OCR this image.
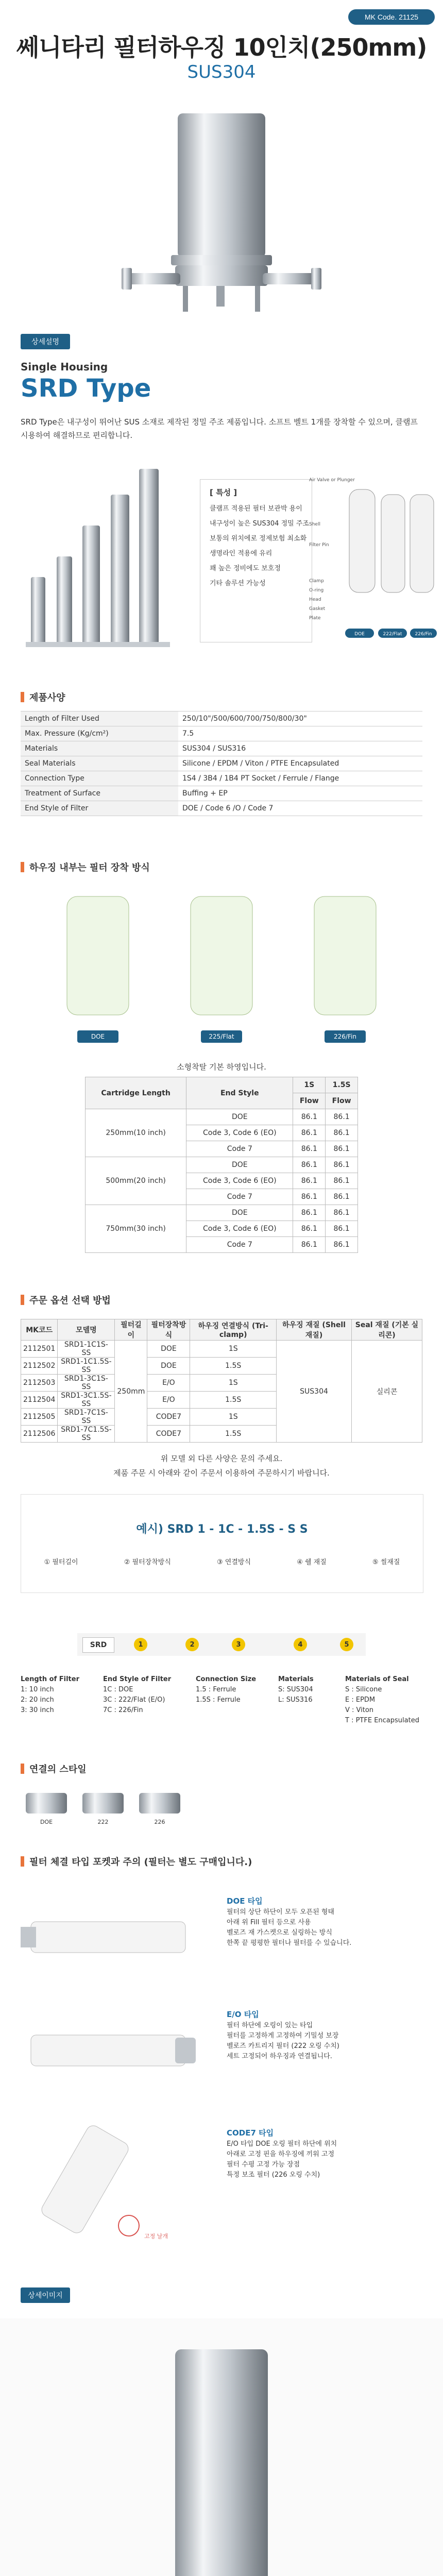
MK Code. 21125
쎄니타리 필터하우징 10인치(250mm)
SUS304
상세설명
Single Housing
SRD Type
SRD Type은 내구성이 뛰어난 SUS 소재로 제작된 정밀 주조 제품입니다. 소프트 벨트 1개를 장착할 수 있으며, 클램프 시용하여 해결하므로 편리합니다.
[ 특성 ]
클램프 적용된 필터 보관박 용이
내구성이 높은 SUS304 정밀 주조
보통의 위치에로 정제보험 최소화
생명라인 적용에 유리
꽤 높은 정비에도 보호정
기타 솔루션 가능성
Air Valve or Plunger
Shell
Filter Pin
Clamp
O-ring
Head
Gasket
Plate
DOE	222/Flat	226/Fin
제품사양
Length of Filter Used	250/10"/500/600/700/750/800/30"
Max. Pressure (Kg/cm²)	7.5
Materials	SUS304 / SUS316
Seal Materials	Silicone / EPDM / Viton / PTFE Encapsulated
Connection Type	1S4 / 3B4 / 1B4 PT Socket / Ferrule / Flange
Treatment of Surface	Buffing + EP
End Style of Filter	DOE / Code 6 /O / Code 7
하우징 내부는 필터 장착 방식
DOE	225/Flat	226/Fin
소형착탈 기본 하영입니다.
Cartridge Length	End Style	1S	1.5S
		Flow	Flow
250mm(10 inch)	DOE	86.1	86.1
	Code 3, Code 6 (EO)	86.1	86.1
	Code 7	86.1	86.1
500mm(20 inch)	DOE	86.1	86.1
	Code 3, Code 6 (EO)	86.1	86.1
	Code 7	86.1	86.1
750mm(30 inch)	DOE	86.1	86.1
	Code 3, Code 6 (EO)	86.1	86.1
	Code 7	86.1	86.1
주문 옵션 선택 방법
MK코드	모델명	필터길이	필터장착방식	하우징 연결방식 (Tri-clamp)	하우징 재질 (Shell 재질)	Seal 재질 (기본 실리콘)
2112501	SRD1-1C1S-SS	250mm	DOE	1S	SUS304	실리콘
2112502	SRD1-1C1.5S-SS		DOE	1.5S		
2112503	SRD1-3C1S-SS		E/O	1S		
2112504	SRD1-3C1.5S-SS		E/O	1.5S		
2112505	SRD1-7C1S-SS		CODE7	1S		
2112506	SRD1-7C1.5S-SS		CODE7	1.5S		
위 모델 외 다른 사양은 문의 주세요.
제품 주문 시 아래와 같이 주문서 이용하여 주문하시기 바랍니다.
예시) SRD 1 - 1C - 1.5S - S S
① 필터길이	② 필터장착방식	③ 연결방식	④ 쉘 재질	⑤ 씰재질
SRD	1	2	3	4	5
Length of Filter
1: 10 inch
2: 20 inch
3: 30 inch
End Style of Filter
1C : DOE
3C : 222/Flat (E/O)
7C : 226/Fin
Connection Size
1.5 : Ferrule
1.5S : Ferrule
Materials
S: SUS304
L: SUS316
Materials of Seal
S : Silicone
E : EPDM
V : Viton
T : PTFE Encapsulated
연결의 스타일
DOE	222	226
필터 체결 타입 포켓과 주의 (필터는 별도 구매입니다.)
DOE 타입
필터의 상단 하단이 모두 오픈된 형태
아래 위 Fill 필터 등으로 사용
벨로즈 재 가스켓으로 실링하는 방식
한쪽 끝 평평한 필터나 필터를 수 있습니다.
E/O 타입
필터 하단에 오링이 있는 타입
필터를 고정하게 고정하여 기밀성 보장
벨로즈 카트리지 필터 (222 오링 수치)
세트 고정되어 하우징과 연결됩니다.
고정 날개
CODE7 타입
E/O 타입 DOE 오링 필터 하단에 위치
아래로 고정 핀을 하우징에 끼워 고정
필터 수평 고정 가능 장점
특정 보조 필터 (226 오링 수치)
상세이미지
